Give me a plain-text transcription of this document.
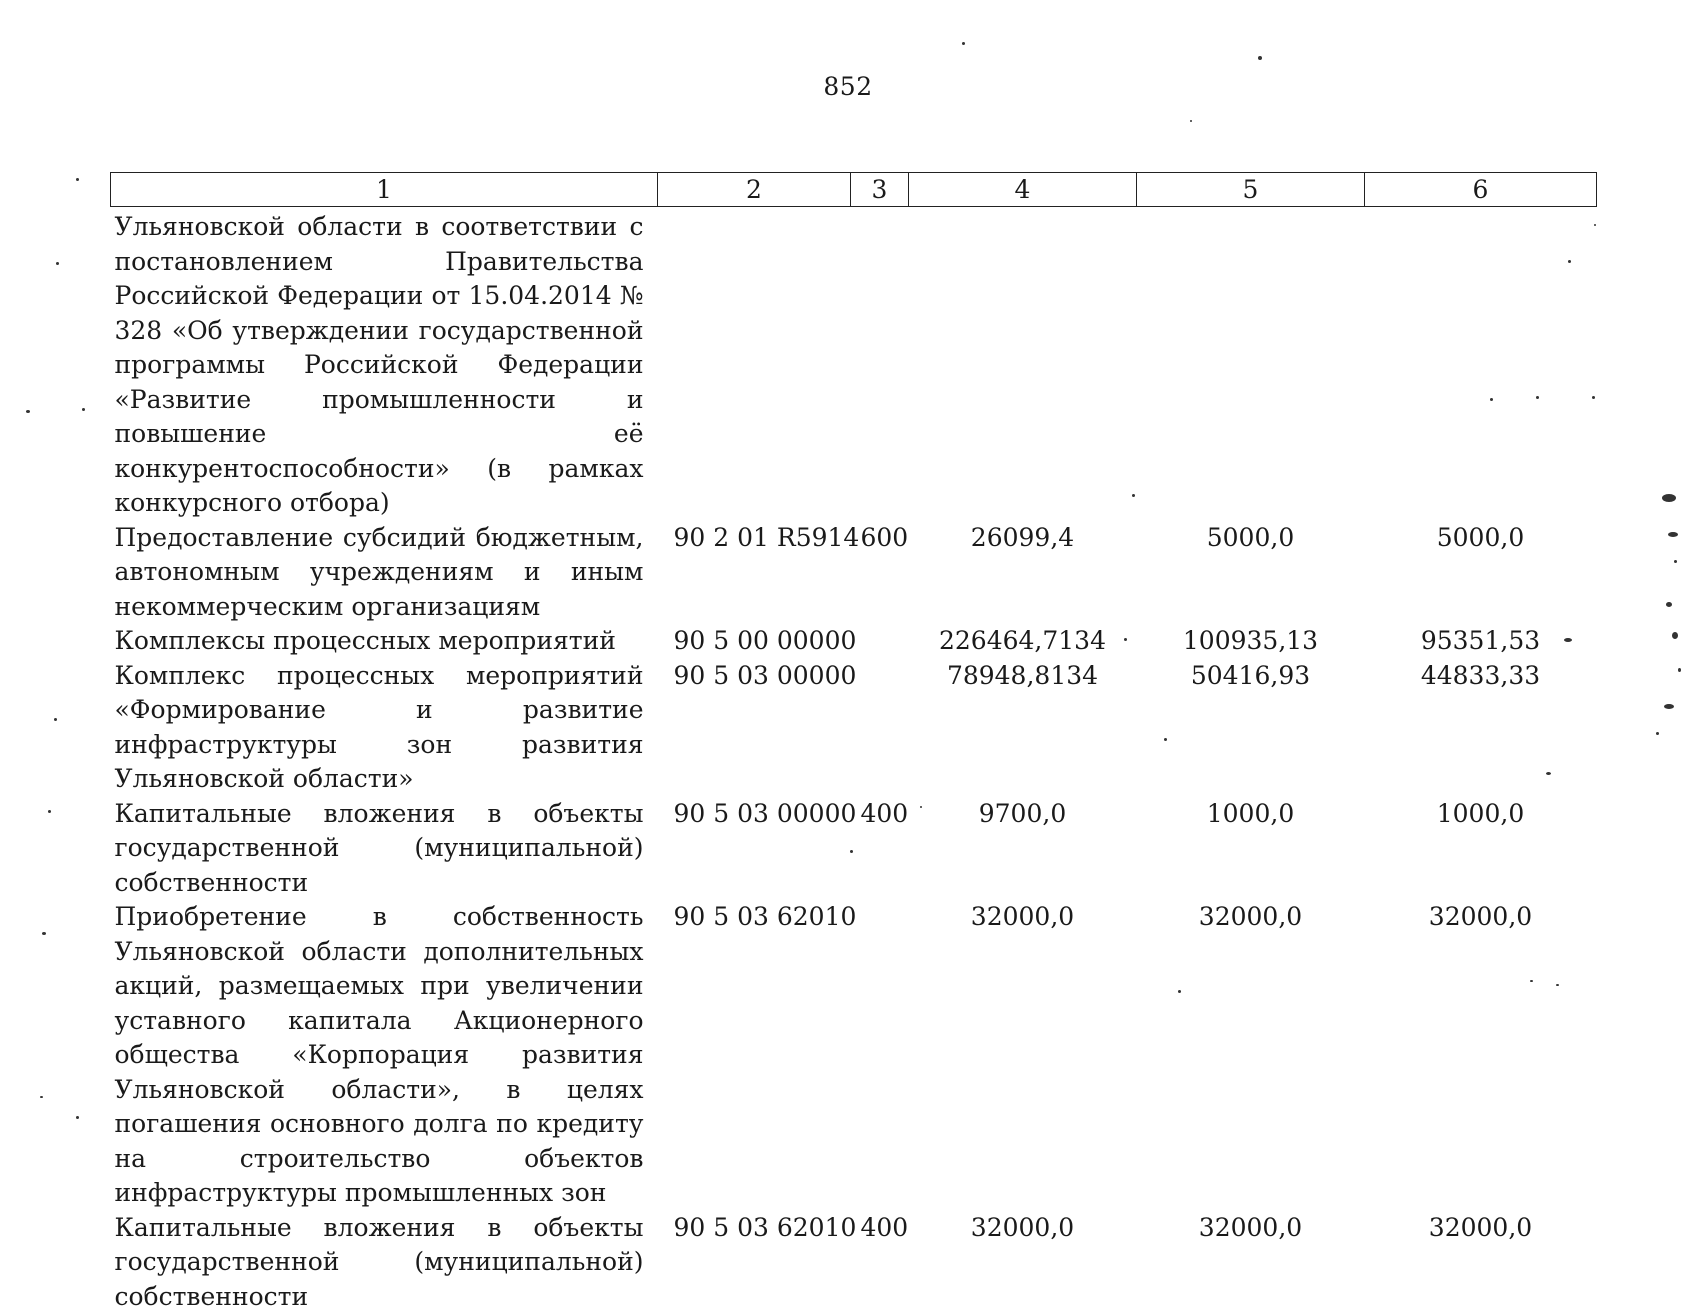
852
1	2	3	4	5	6
Ульяновской области в соответствии с постановлением Правительства Российской Федерации от 15.04.2014 № 328 «Об утверждении государственной программы Российской Федерации «Развитие промышленности и повышение её конкурентоспособности» (в рамках конкурсного отбора)					
Предоставление субсидий бюджетным, автономным учреждениям и иным некоммерческим организациям	90 2 01 R5914	600	26099,4	5000,0	5000,0
Комплексы процессных мероприятий	90 5 00 00000		226464,7134	100935,13	95351,53
Комплекс процессных мероприятий «Формирование и развитие инфраструктуры зон развития Ульяновской области»	90 5 03 00000		78948,8134	50416,93	44833,33
Капитальные вложения в объекты государственной (муниципальной) собственности	90 5 03 00000	400	9700,0	1000,0	1000,0
Приобретение в собственность Ульяновской области дополнительных акций, размещаемых при увеличении уставного капитала Акционерного общества «Корпорация развития Ульяновской области», в целях погашения основного долга по кредиту на строительство объектов инфраструктуры промышленных зон	90 5 03 62010		32000,0	32000,0	32000,0
Капитальные вложения в объекты государственной (муниципальной) собственности	90 5 03 62010	400	32000,0	32000,0	32000,0
